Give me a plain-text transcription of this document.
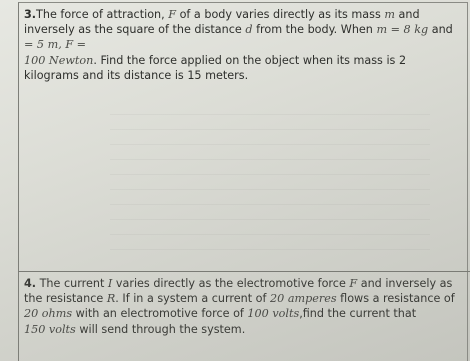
3.The force of attraction, F of a body varies directly as its mass m and inversely as the square of the distance d from the body. When m = 8 kg and = 5 m, F =
100 Newton. Find the force applied on the object when its mass is 2 kilograms and its distance is 15 meters.

4. The current I varies directly as the electromotive force F and inversely as the resistance R. If in a system a current of 20 amperes flows a resistance of
20 ohms with an electromotive force of 100 volts,find the current that
150 volts will send through the system.
